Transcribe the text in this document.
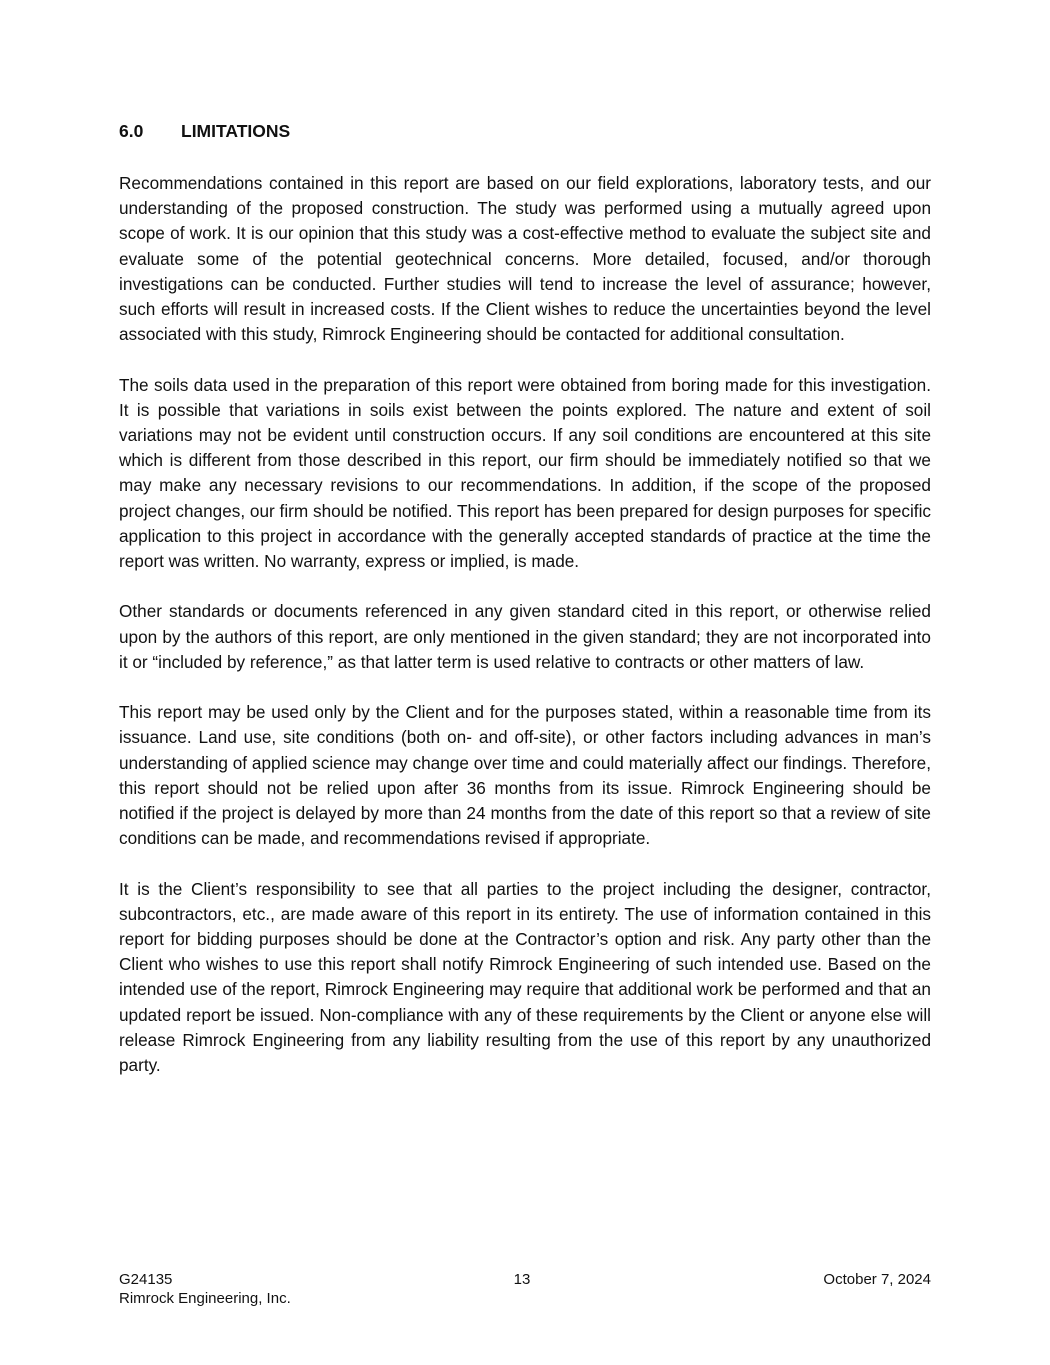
6.0	LIMITATIONS

Recommendations contained in this report are based on our field explorations, laboratory tests, and our understanding of the proposed construction. The study was performed using a mutually agreed upon scope of work. It is our opinion that this study was a cost-effective method to evaluate the subject site and evaluate some of the potential geotechnical concerns. More detailed, focused, and/or thorough investigations can be conducted. Further studies will tend to increase the level of assurance; however, such efforts will result in increased costs. If the Client wishes to reduce the uncertainties beyond the level associated with this study, Rimrock Engineering should be contacted for additional consultation.

The soils data used in the preparation of this report were obtained from boring made for this investigation. It is possible that variations in soils exist between the points explored. The nature and extent of soil variations may not be evident until construction occurs. If any soil conditions are encountered at this site which is different from those described in this report, our firm should be immediately notified so that we may make any necessary revisions to our recommendations. In addition, if the scope of the proposed project changes, our firm should be notified. This report has been prepared for design purposes for specific application to this project in accordance with the generally accepted standards of practice at the time the report was written. No warranty, express or implied, is made.

Other standards or documents referenced in any given standard cited in this report, or otherwise relied upon by the authors of this report, are only mentioned in the given standard; they are not incorporated into it or “included by reference,” as that latter term is used relative to contracts or other matters of law.

This report may be used only by the Client and for the purposes stated, within a reasonable time from its issuance. Land use, site conditions (both on- and off-site), or other factors including advances in man’s understanding of applied science may change over time and could materially affect our findings. Therefore, this report should not be relied upon after 36 months from its issue. Rimrock Engineering should be notified if the project is delayed by more than 24 months from the date of this report so that a review of site conditions can be made, and recommendations revised if appropriate.

It is the Client’s responsibility to see that all parties to the project including the designer, contractor, subcontractors, etc., are made aware of this report in its entirety. The use of information contained in this report for bidding purposes should be done at the Contractor’s option and risk. Any party other than the Client who wishes to use this report shall notify Rimrock Engineering of such intended use. Based on the intended use of the report, Rimrock Engineering may require that additional work be performed and that an updated report be issued. Non-compliance with any of these requirements by the Client or anyone else will release Rimrock Engineering from any liability resulting from the use of this report by any unauthorized party.

G24135	13	October 7, 2024
Rimrock Engineering, Inc.
